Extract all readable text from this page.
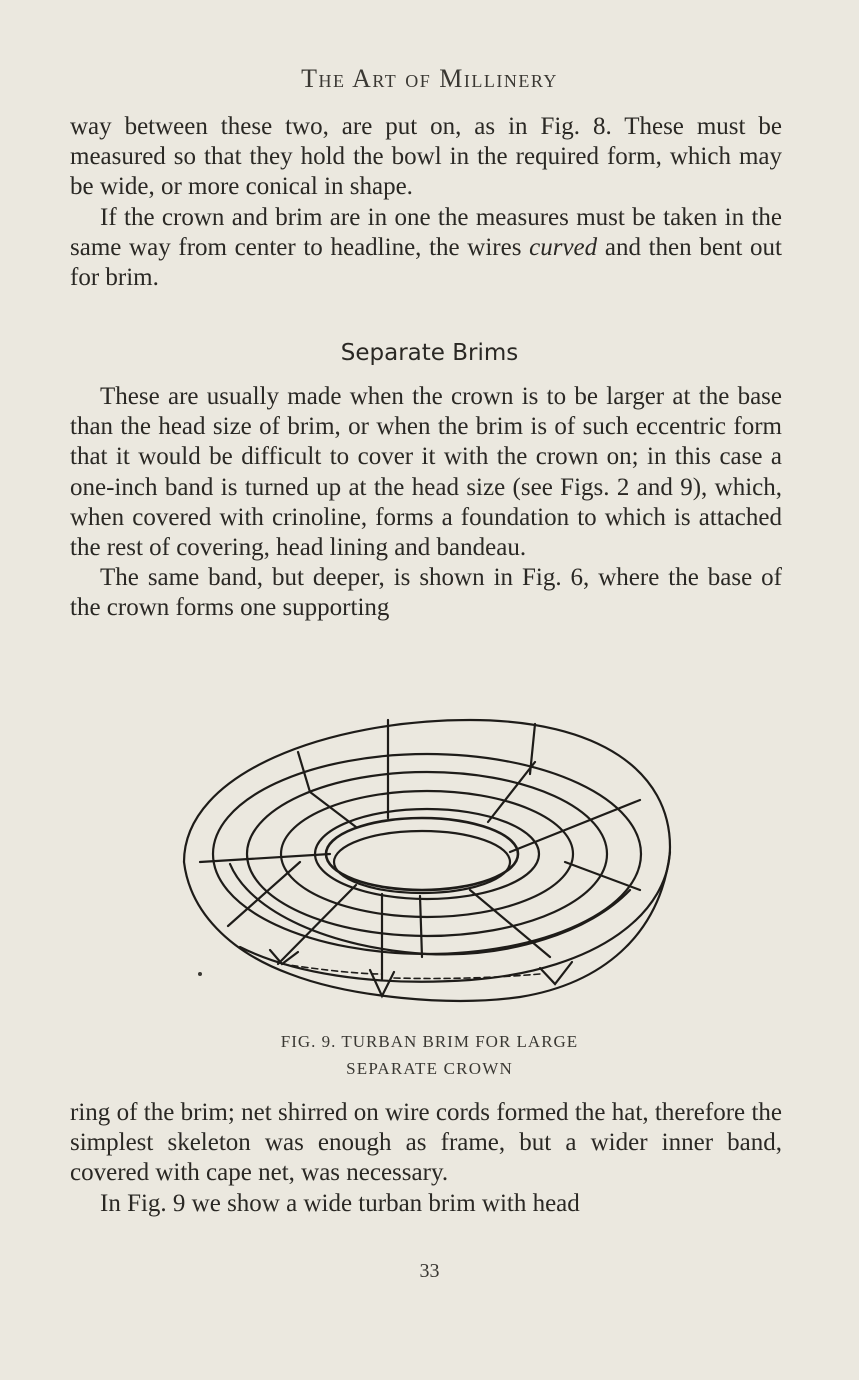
The Art of Millinery

way between these two, are put on, as in Fig. 8. These must be measured so that they hold the bowl in the required form, which may be wide, or more conical in shape.

If the crown and brim are in one the measures must be taken in the same way from center to headline, the wires curved and then bent out for brim.

Separate Brims

These are usually made when the crown is to be larger at the base than the head size of brim, or when the brim is of such eccentric form that it would be difficult to cover it with the crown on; in this case a one-inch band is turned up at the head size (see Figs. 2 and 9), which, when covered with crinoline, forms a foundation to which is attached the rest of covering, head lining and bandeau.

The same band, but deeper, is shown in Fig. 6, where the base of the crown forms one supporting

FIG. 9. TURBAN BRIM FOR LARGE
SEPARATE CROWN

ring of the brim; net shirred on wire cords formed the hat, therefore the simplest skeleton was enough as frame, but a wider inner band, covered with cape net, was necessary.

In Fig. 9 we show a wide turban brim with head

33
